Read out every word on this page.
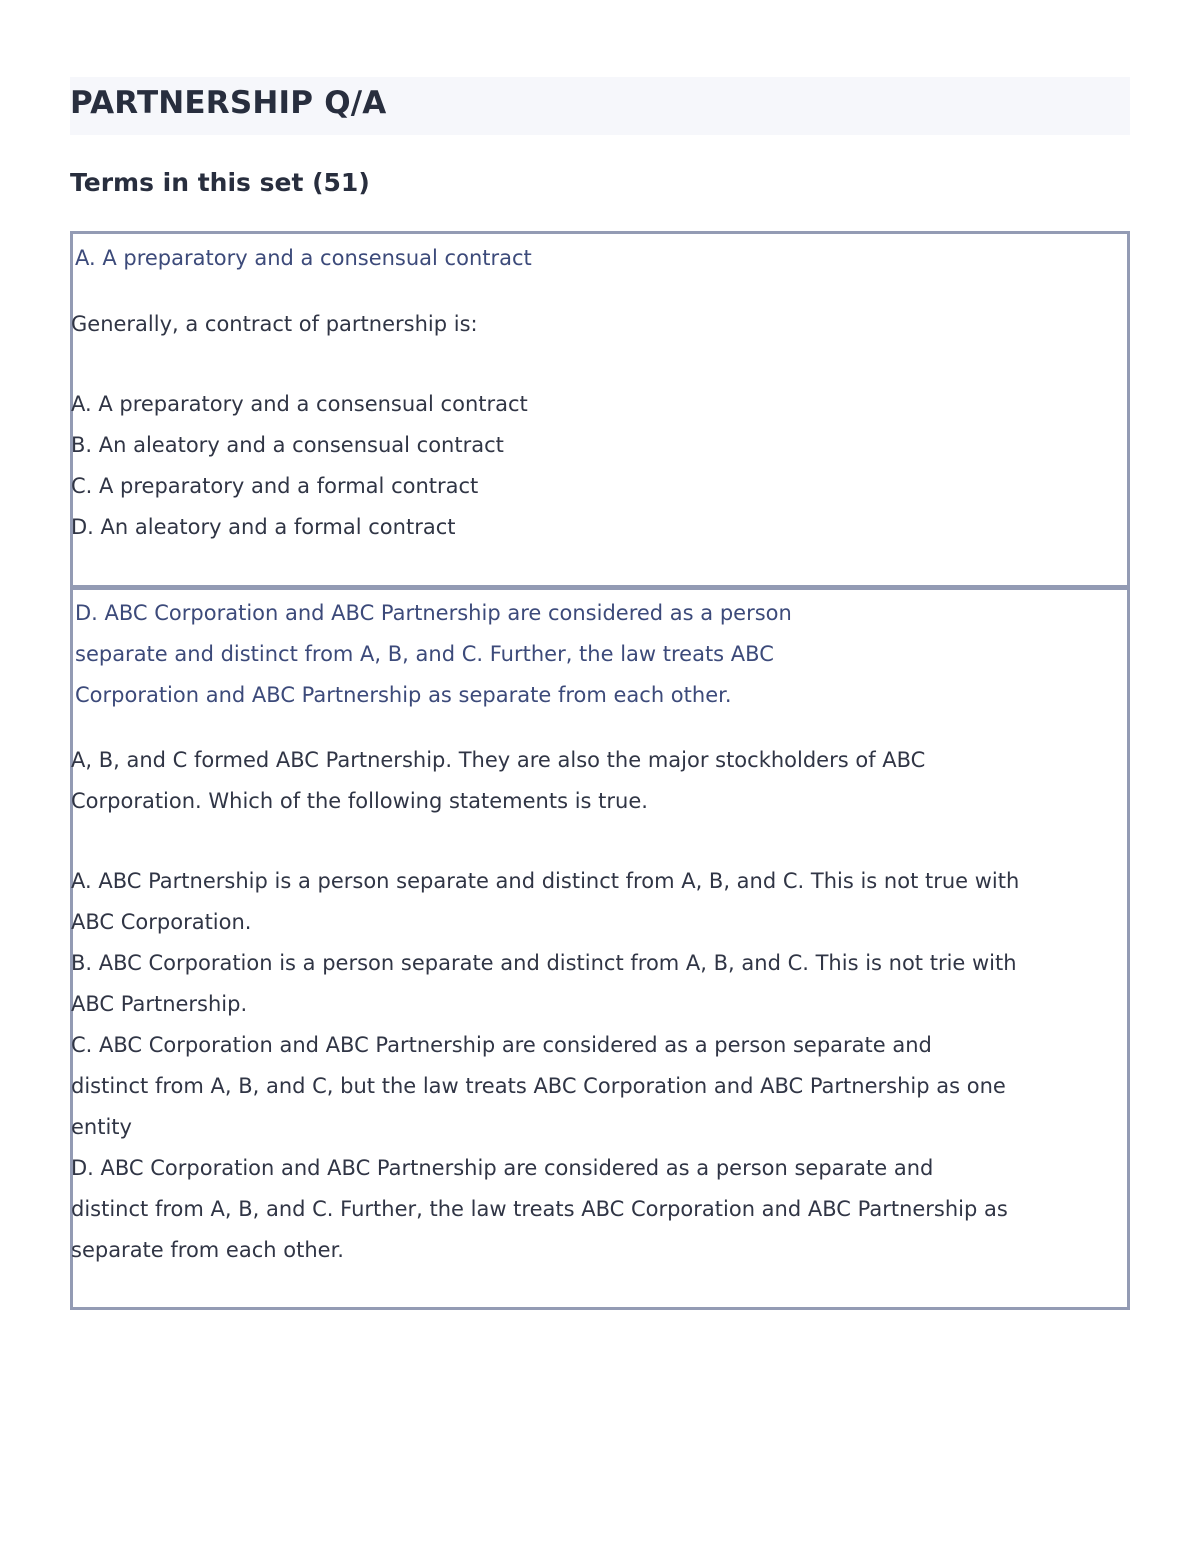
PARTNERSHIP Q/A
Terms in this set (51)
A. A preparatory and a consensual contract

Generally, a contract of partnership is:

A. A preparatory and a consensual contract

B. An aleatory and a consensual contract

C. A preparatory and a formal contract

D. An aleatory and a formal contract

D. ABC Corporation and ABC Partnership are considered as a person
separate and distinct from A, B, and C. Further, the law treats ABC
Corporation and ABC Partnership as separate from each other.

A, B, and C formed ABC Partnership. They are also the major stockholders of ABC
Corporation. Which of the following statements is true.

A. ABC Partnership is a person separate and distinct from A, B, and C. This is not true with
ABC Corporation.

B. ABC Corporation is a person separate and distinct from A, B, and C. This is not trie with
ABC Partnership.

C. ABC Corporation and ABC Partnership are considered as a person separate and
distinct from A, B, and C, but the law treats ABC Corporation and ABC Partnership as one
entity

D. ABC Corporation and ABC Partnership are considered as a person separate and
distinct from A, B, and C. Further, the law treats ABC Corporation and ABC Partnership as
separate from each other.
